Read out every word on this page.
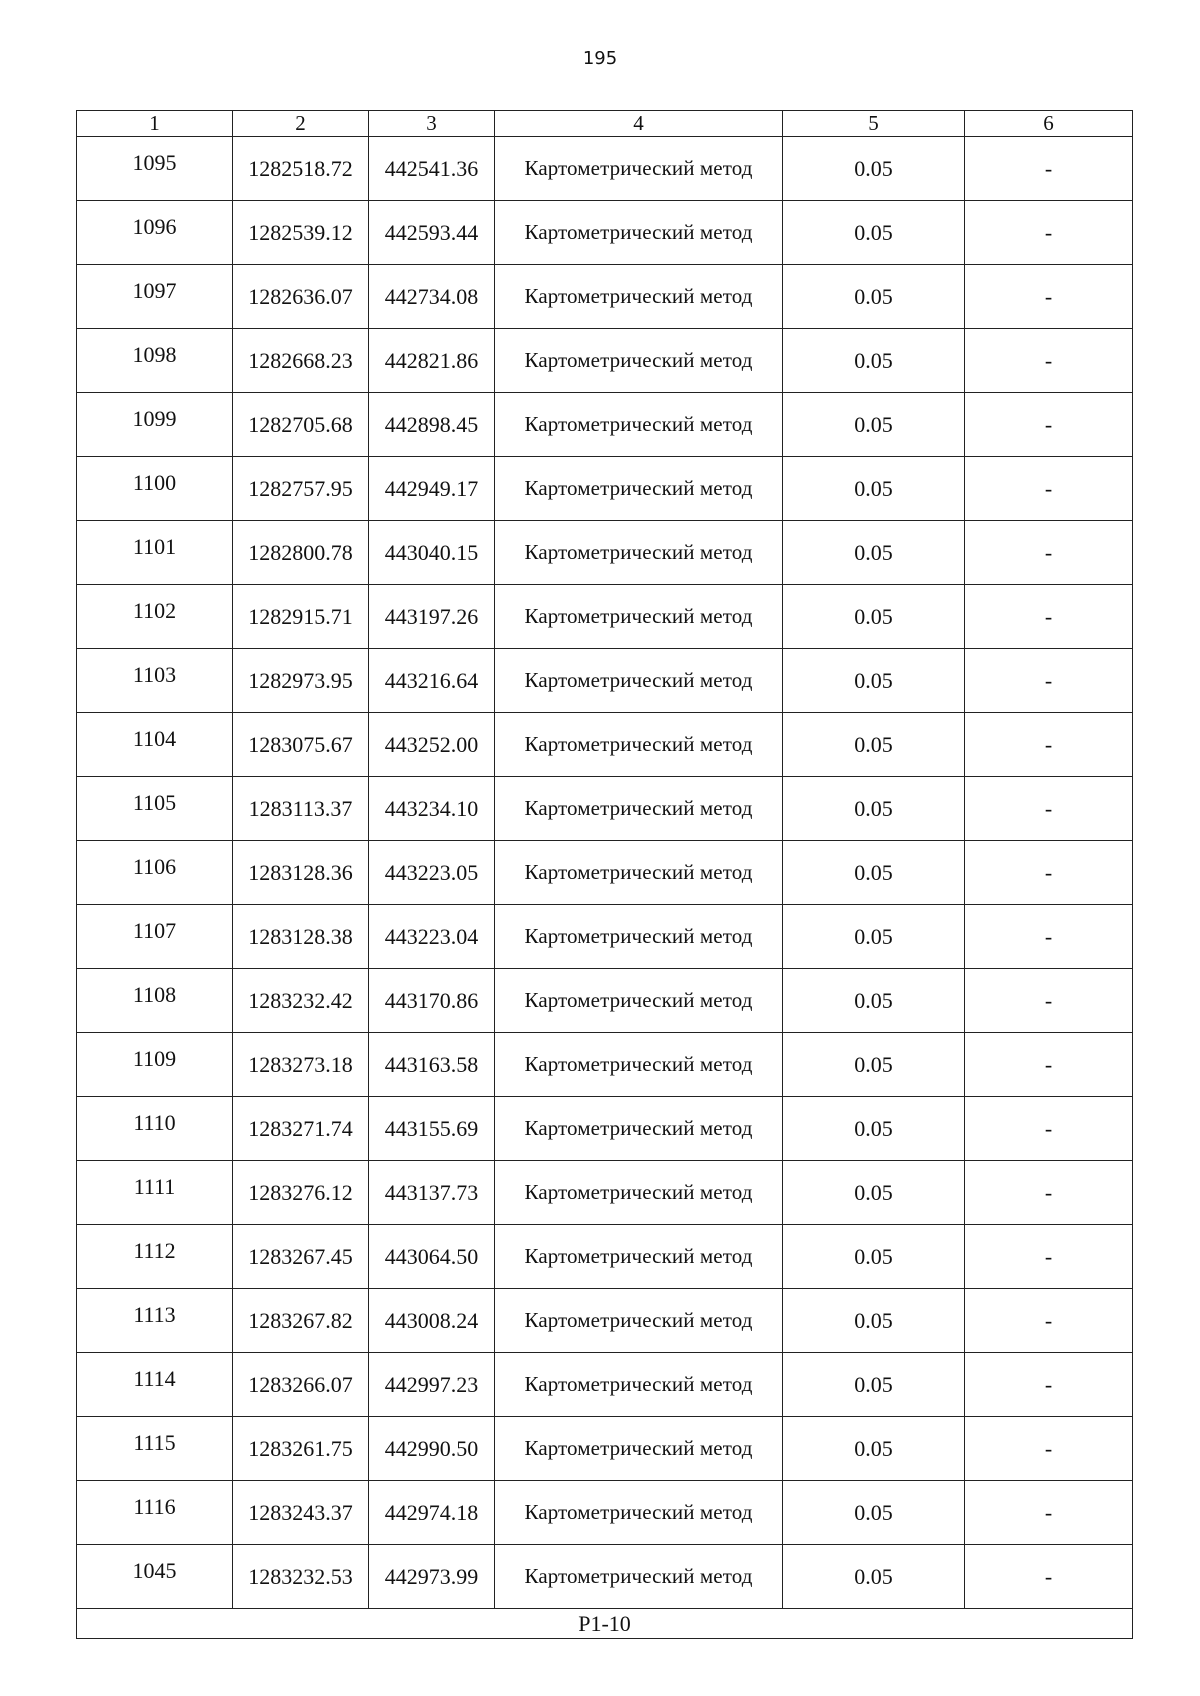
195
1	2	3	4	5	6
1095	1282518.72	442541.36	Картометрический метод	0.05	-
1096	1282539.12	442593.44	Картометрический метод	0.05	-
1097	1282636.07	442734.08	Картометрический метод	0.05	-
1098	1282668.23	442821.86	Картометрический метод	0.05	-
1099	1282705.68	442898.45	Картометрический метод	0.05	-
1100	1282757.95	442949.17	Картометрический метод	0.05	-
1101	1282800.78	443040.15	Картометрический метод	0.05	-
1102	1282915.71	443197.26	Картометрический метод	0.05	-
1103	1282973.95	443216.64	Картометрический метод	0.05	-
1104	1283075.67	443252.00	Картометрический метод	0.05	-
1105	1283113.37	443234.10	Картометрический метод	0.05	-
1106	1283128.36	443223.05	Картометрический метод	0.05	-
1107	1283128.38	443223.04	Картометрический метод	0.05	-
1108	1283232.42	443170.86	Картометрический метод	0.05	-
1109	1283273.18	443163.58	Картометрический метод	0.05	-
1110	1283271.74	443155.69	Картометрический метод	0.05	-
1111	1283276.12	443137.73	Картометрический метод	0.05	-
1112	1283267.45	443064.50	Картометрический метод	0.05	-
1113	1283267.82	443008.24	Картометрический метод	0.05	-
1114	1283266.07	442997.23	Картометрический метод	0.05	-
1115	1283261.75	442990.50	Картометрический метод	0.05	-
1116	1283243.37	442974.18	Картометрический метод	0.05	-
1045	1283232.53	442973.99	Картометрический метод	0.05	-
Р1-10					
